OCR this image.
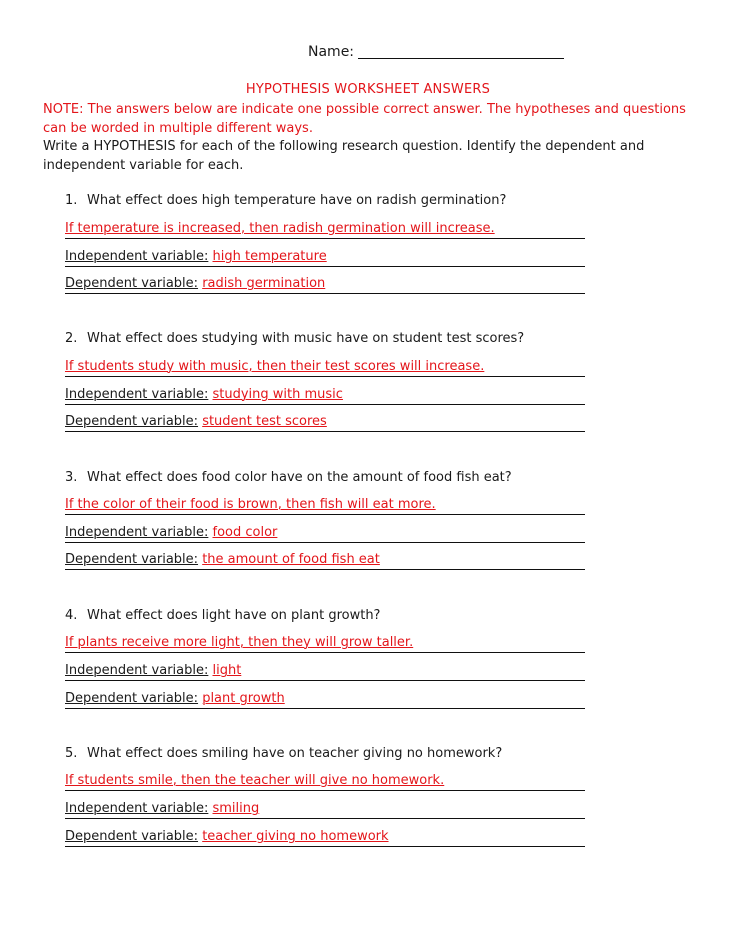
Name:
HYPOTHESIS WORKSHEET ANSWERS
NOTE: The answers below are indicate one possible correct answer. The hypotheses and questions can be worded in multiple different ways.
Write a HYPOTHESIS for each of the following research question. Identify the dependent and independent variable for each.
1. What effect does high temperature have on radish germination?
If temperature is increased, then radish germination will increase.
Independent variable: high temperature
Dependent variable: radish germination
2. What effect does studying with music have on student test scores?
If students study with music, then their test scores will increase.
Independent variable: studying with music
Dependent variable: student test scores
3. What effect does food color have on the amount of food fish eat?
If the color of their food is brown, then fish will eat more.
Independent variable: food color
Dependent variable: the amount of food fish eat
4. What effect does light have on plant growth?
If plants receive more light, then they will grow taller.
Independent variable: light
Dependent variable: plant growth
5. What effect does smiling have on teacher giving no homework?
If students smile, then the teacher will give no homework.
Independent variable: smiling
Dependent variable: teacher giving no homework
